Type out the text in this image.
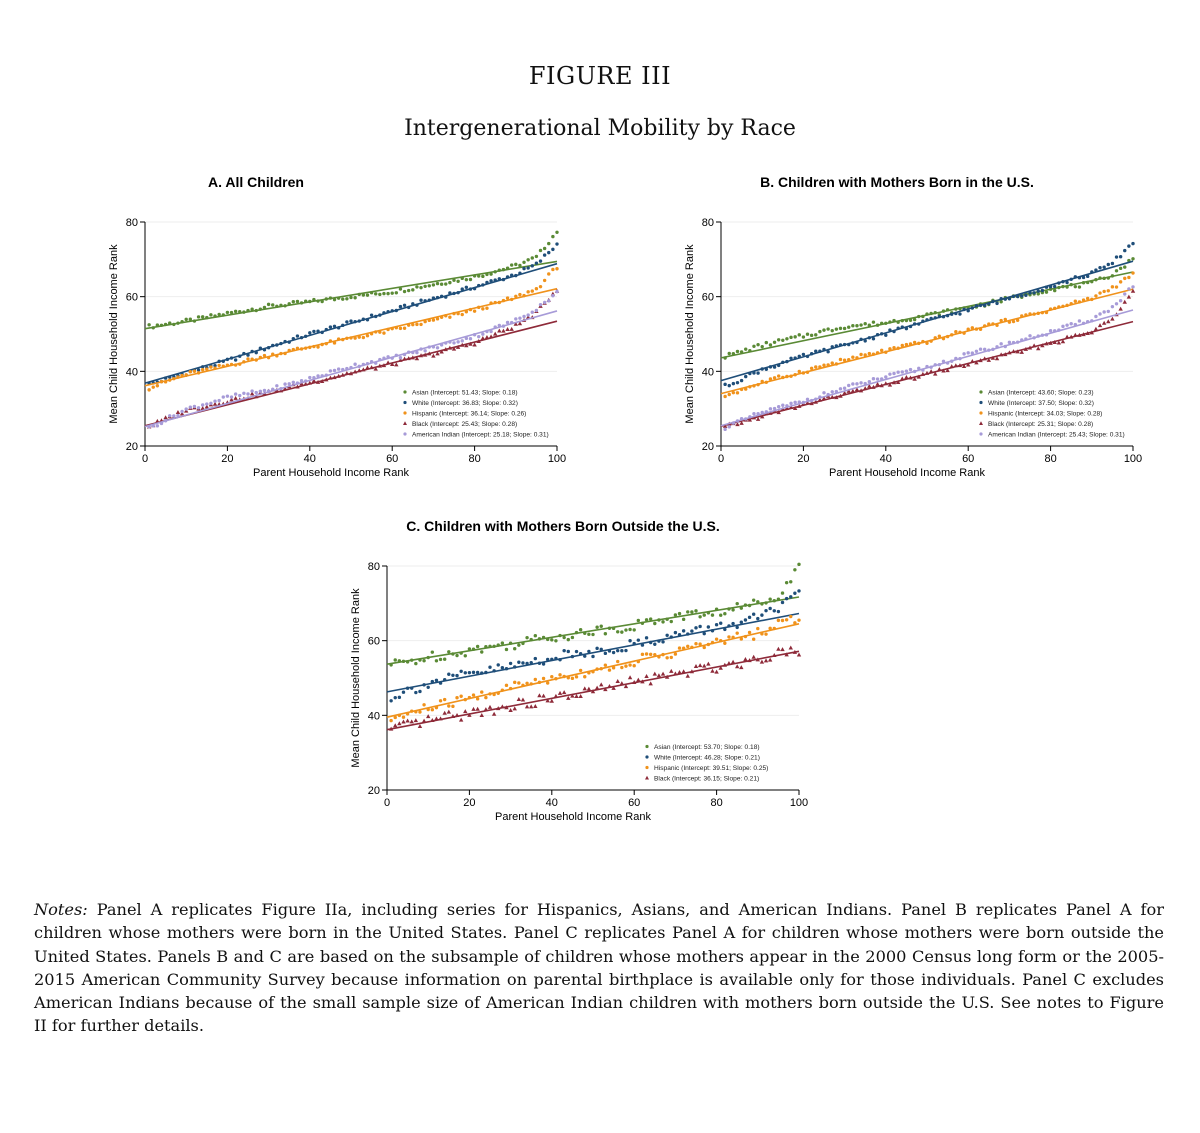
FIGURE III
Intergenerational Mobility by Race
A. All Children
0	20	40	60	80	100
20
40
60
80
Parent Household Income Rank
Mean Child Household Income Rank	Asian (Intercept: 51.43; Slope: 0.18)
White (Intercept: 36.83; Slope: 0.32)
Hispanic (Intercept: 36.14; Slope: 0.26)
Black (Intercept: 25.43; Slope: 0.28)
American Indian (Intercept: 25.18; Slope: 0.31)
B. Children with Mothers Born in the U.S.
0	20	40	60	80	100
20
40
60
80
Parent Household Income Rank
Mean Child Household Income Rank	Asian (Intercept: 43.60; Slope: 0.23)
White (Intercept: 37.50; Slope: 0.32)
Hispanic (Intercept: 34.03; Slope: 0.28)
Black (Intercept: 25.31; Slope: 0.28)
American Indian (Intercept: 25.43; Slope: 0.31)
C. Children with Mothers Born Outside the U.S.
0	20	40	60	80	100
20
40
60
80
Parent Household Income Rank
Mean Child Household Income Rank	Asian (Intercept: 53.70; Slope: 0.18)
White (Intercept: 46.28; Slope: 0.21)
Hispanic (Intercept: 39.51; Slope: 0.25)
Black (Intercept: 36.15; Slope: 0.21)
Notes: Panel A replicates Figure IIa, including series for Hispanics, Asians, and American Indians. Panel B replicates Panel A for children whose mothers were born in the United States. Panel C replicates Panel A for children whose mothers were born outside the United States. Panels B and C are based on the subsample of children whose mothers appear in the 2000 Census long form or the 2005-2015 American Community Survey because information on parental birthplace is available only for those individuals. Panel C excludes American Indians because of the small sample size of American Indian children with mothers born outside the U.S. See notes to Figure II for further details.
